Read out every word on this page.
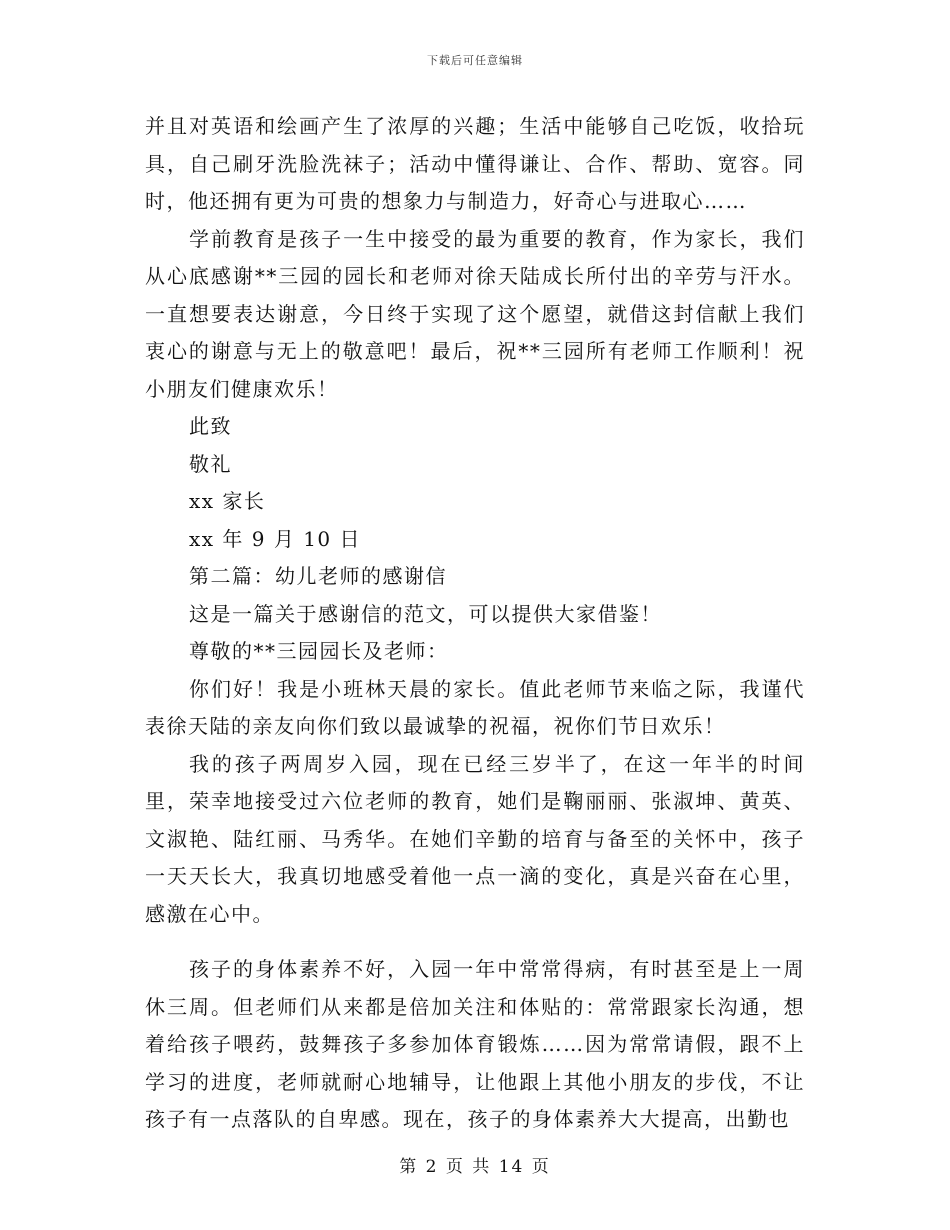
下载后可任意编辑

并且对英语和绘画产生了浓厚的兴趣；生活中能够自己吃饭，收拾玩具，自己刷牙洗脸洗袜子；活动中懂得谦让、合作、帮助、宽容。同时，他还拥有更为可贵的想象力与制造力，好奇心与进取心……

学前教育是孩子一生中接受的最为重要的教育，作为家长，我们从心底感谢**三园的园长和老师对徐天陆成长所付出的辛劳与汗水。一直想要表达谢意，今日终于实现了这个愿望，就借这封信献上我们衷心的谢意与无上的敬意吧！最后，祝**三园所有老师工作顺利！祝小朋友们健康欢乐！

此致

敬礼

xx 家长

xx 年 9 月 10 日

第二篇：幼儿老师的感谢信

这是一篇关于感谢信的范文，可以提供大家借鉴！

尊敬的**三园园长及老师：

你们好！我是小班林天晨的家长。值此老师节来临之际，我谨代表徐天陆的亲友向你们致以最诚挚的祝福，祝你们节日欢乐！

我的孩子两周岁入园，现在已经三岁半了，在这一年半的时间里，荣幸地接受过六位老师的教育，她们是鞠丽丽、张淑坤、黄英、文淑艳、陆红丽、马秀华。在她们辛勤的培育与备至的关怀中，孩子一天天长大，我真切地感受着他一点一滴的变化，真是兴奋在心里，感激在心中。

孩子的身体素养不好，入园一年中常常得病，有时甚至是上一周休三周。但老师们从来都是倍加关注和体贴的：常常跟家长沟通，想着给孩子喂药，鼓舞孩子多参加体育锻炼……因为常常请假，跟不上学习的进度，老师就耐心地辅导，让他跟上其他小朋友的步伐，不让孩子有一点落队的自卑感。现在，孩子的身体素养大大提高，出勤也

第 2 页 共 14 页
